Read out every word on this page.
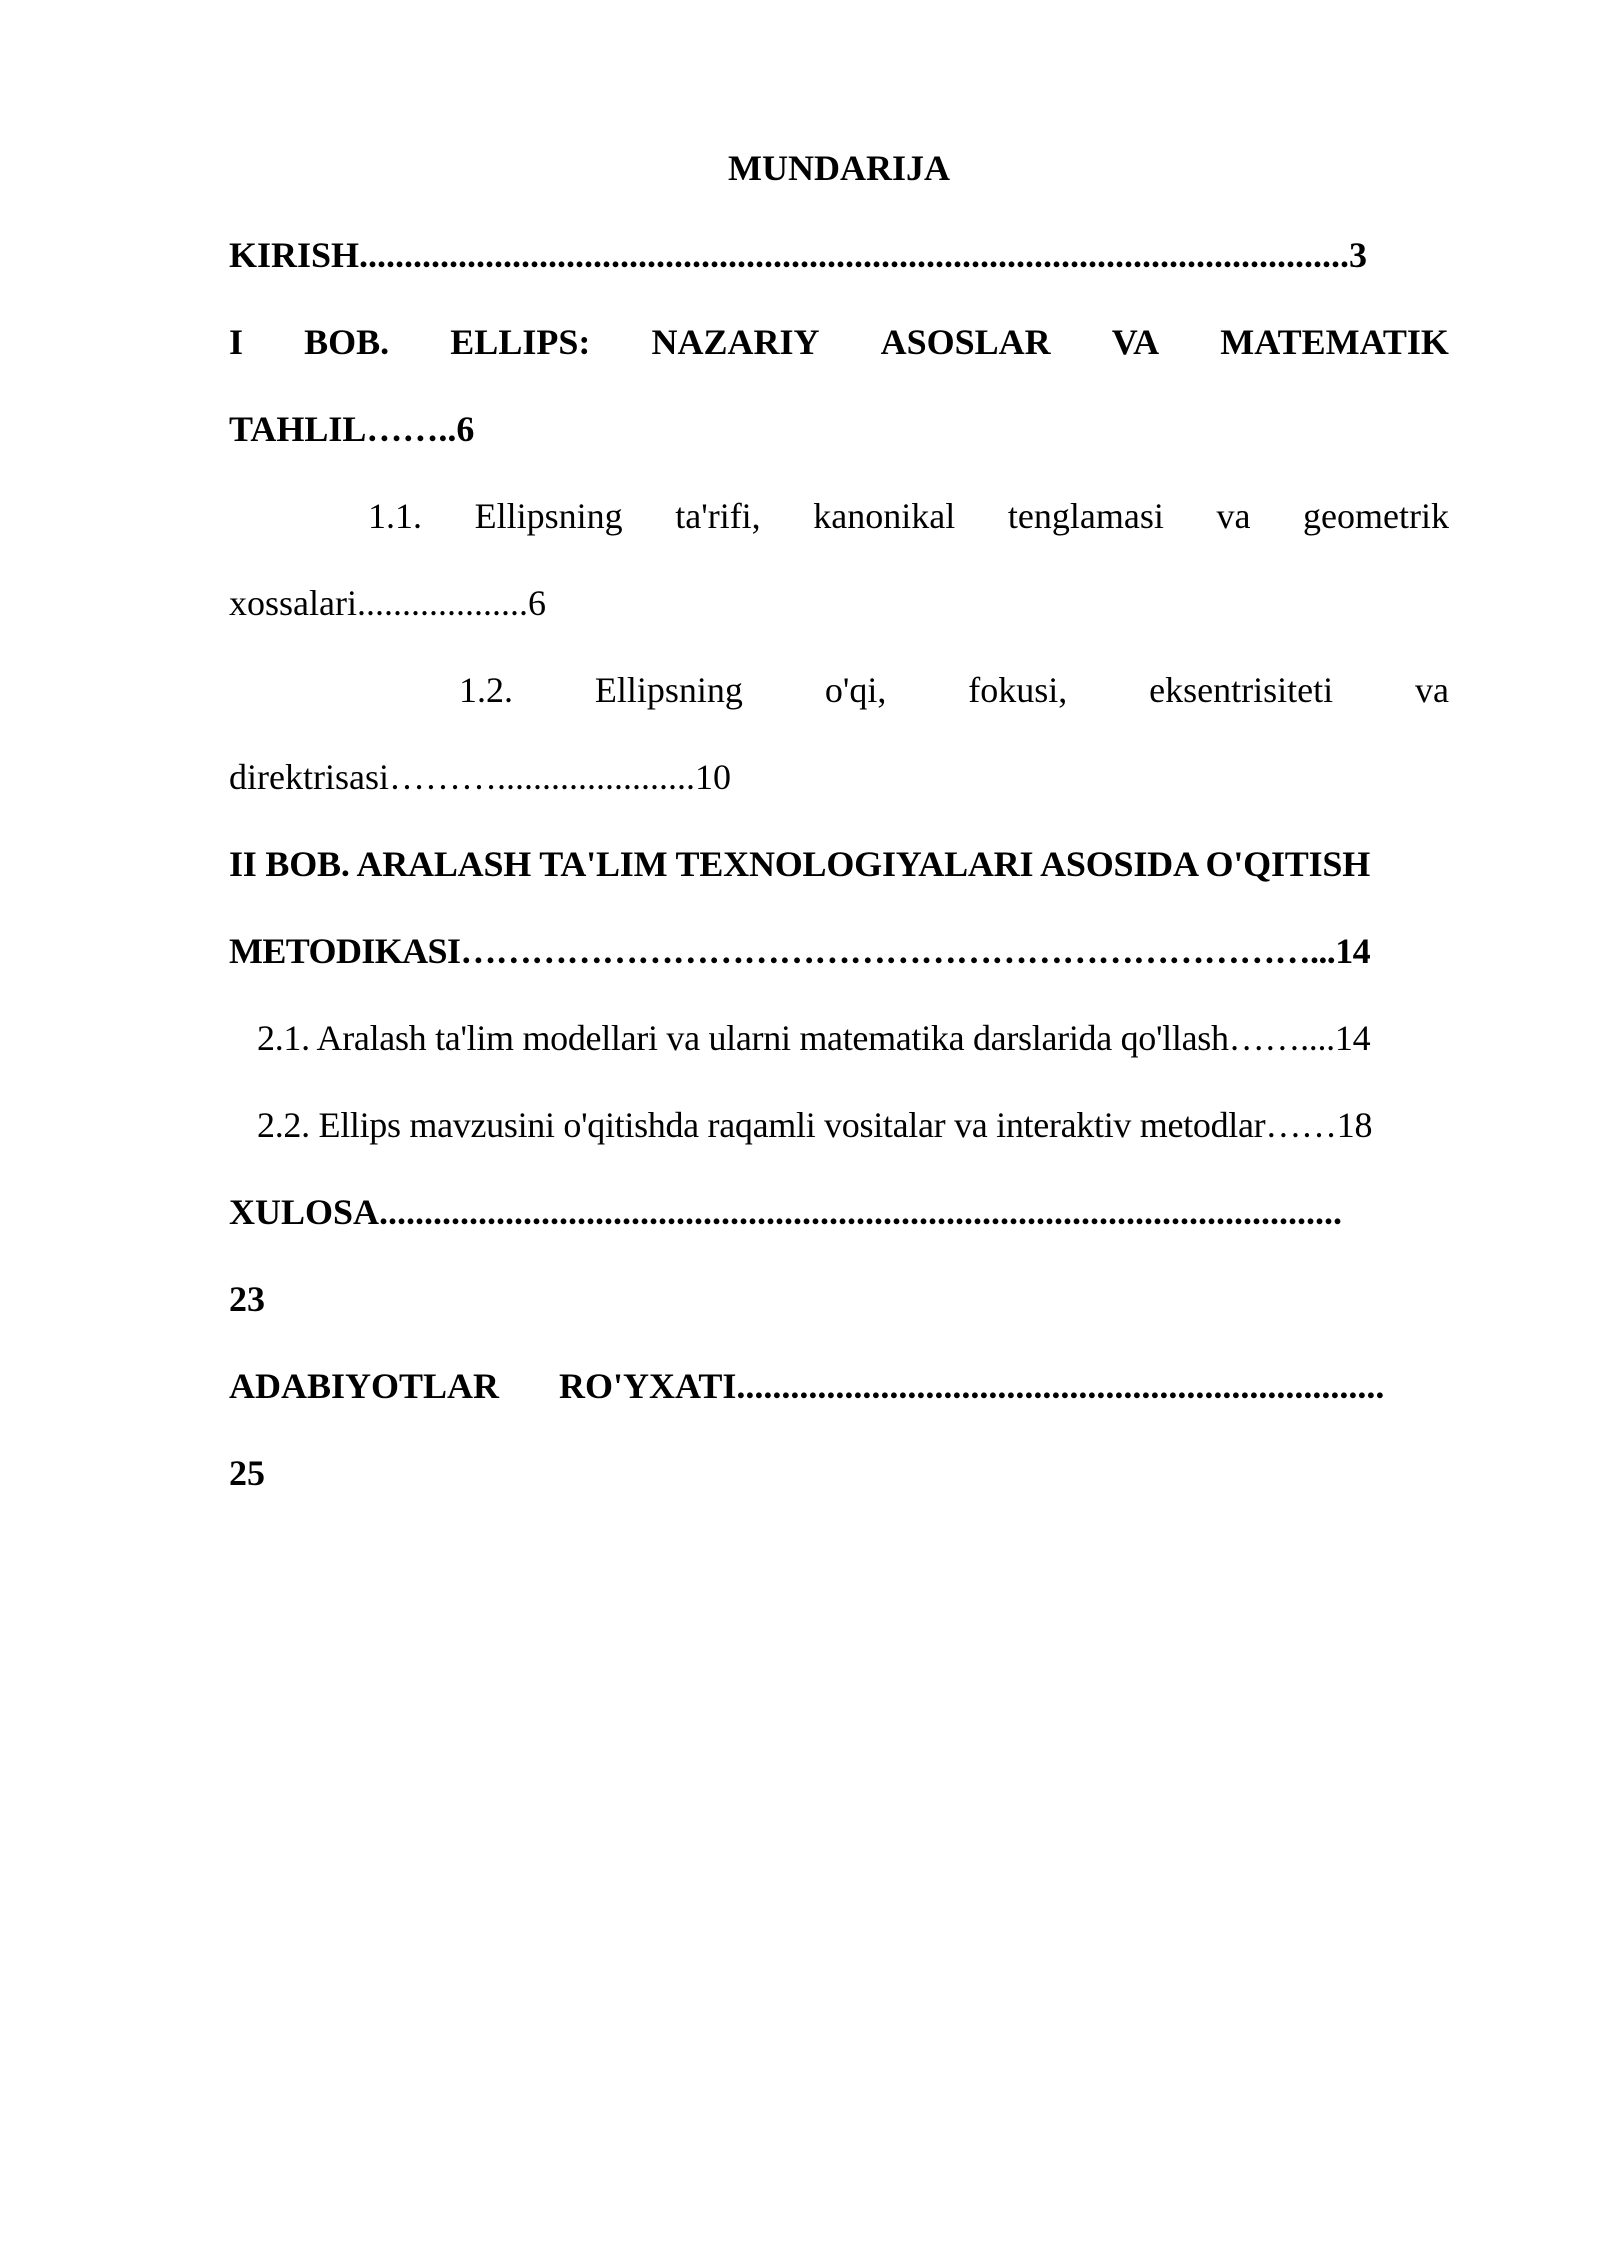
MUNDARIJA
KIRISH..............................................................................................................3
I BOB. ELLIPS: NAZARIY ASOSLAR VA MATEMATIK
TAHLIL……..6
1.1. Ellipsning ta'rifi, kanonikal tenglamasi va geometrik
xossalari...................6
1.2. Ellipsning o'qi, fokusi, eksentrisiteti va
direktrisasi………......................10
II BOB. ARALASH TA'LIM TEXNOLOGIYALARI ASOSIDA O'QITISH
METODIKASI………………………………………………………………...14
2.1. Aralash ta'lim modellari va ularni matematika darslarida qo'llash……....14
2.2. Ellips mavzusini o'qitishda raqamli vositalar va interaktiv metodlar……18
XULOSA...........................................................................................................
23
ADABIYOTLAR RO'YXATI........................................................................
25
